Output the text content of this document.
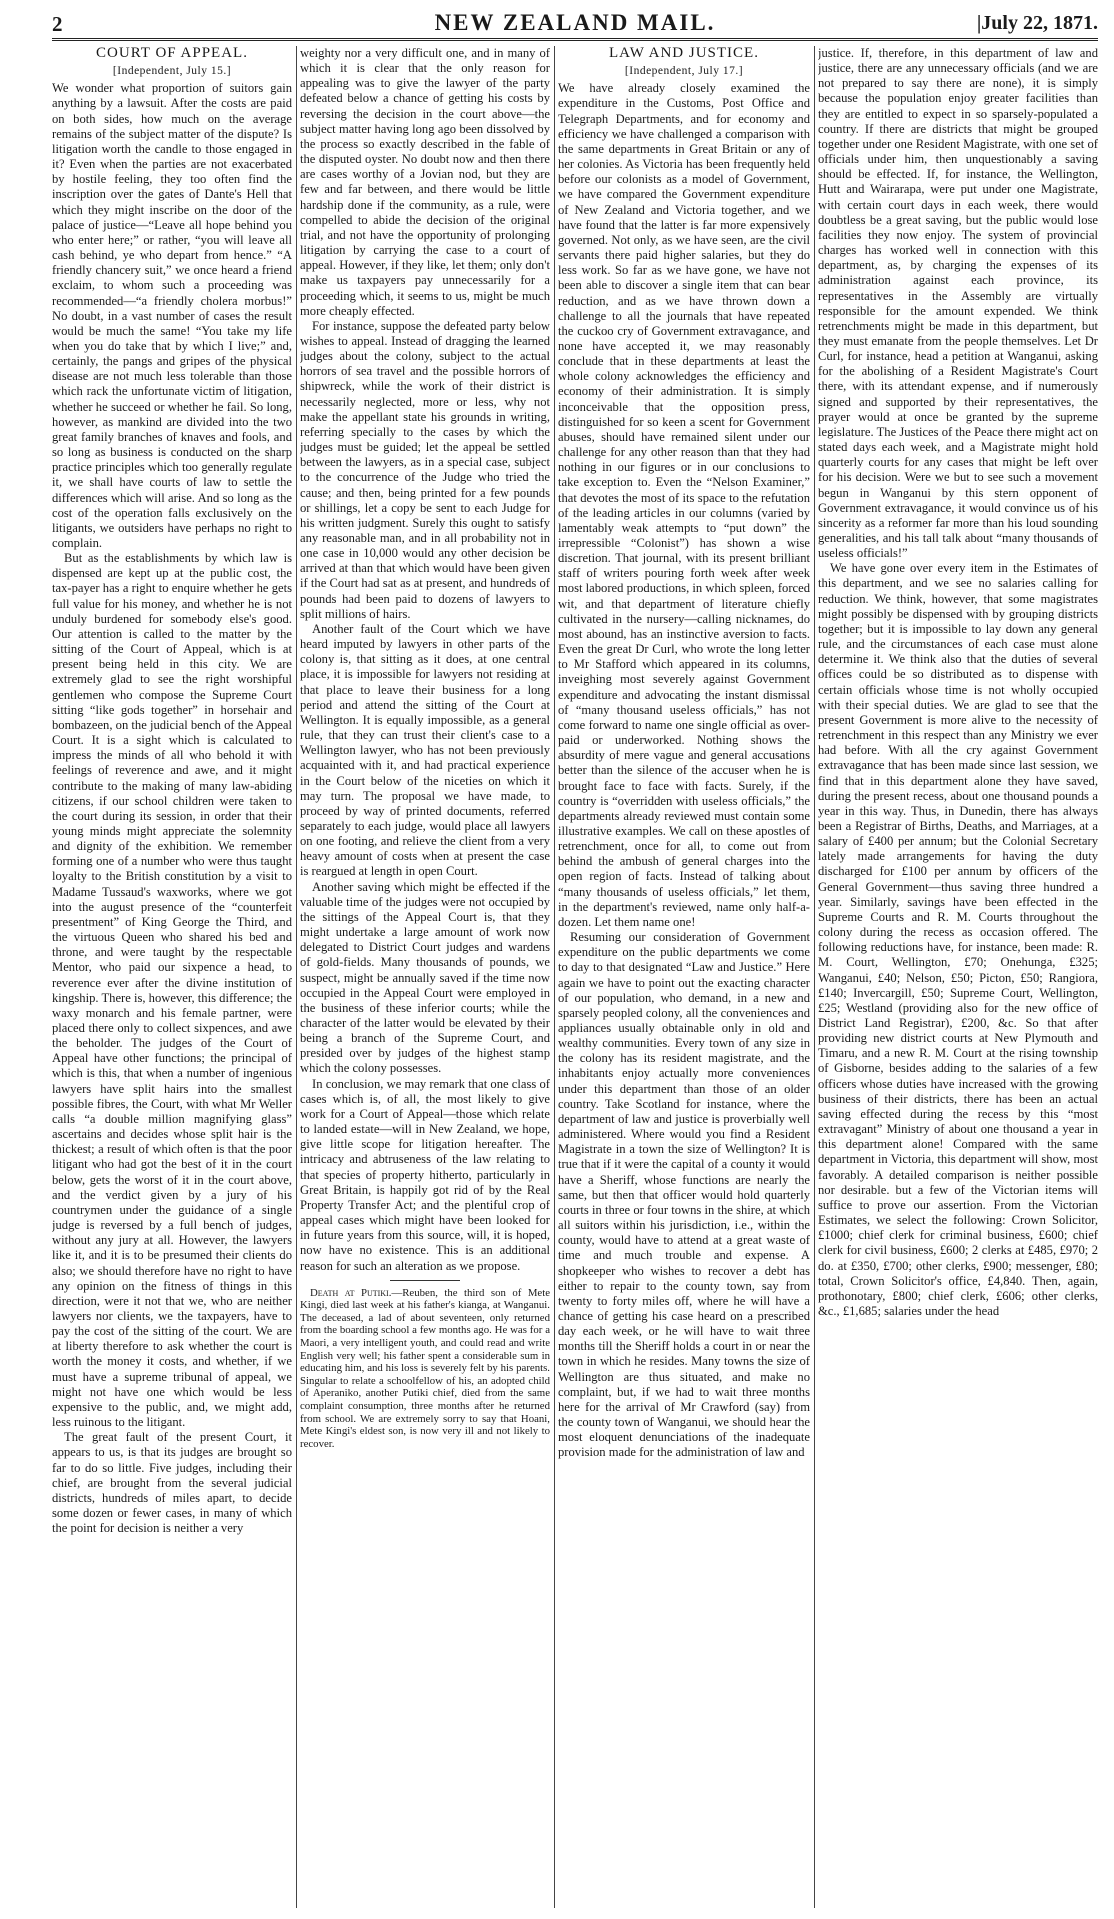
2	NEW ZEALAND MAIL.	|July 22, 1871.
COURT OF APPEAL.
[Independent, July 15.]

We wonder what proportion of suitors gain anything by a lawsuit. After the costs are paid on both sides, how much on the average remains of the subject matter of the dispute? Is litigation worth the candle to those engaged in it? Even when the parties are not exacerbated by hostile feeling, they too often find the inscription over the gates of Dante's Hell that which they might inscribe on the door of the palace of justice—“Leave all hope behind you who enter here;” or rather, “you will leave all cash behind, ye who depart from hence.” “A friendly chancery suit,” we once heard a friend exclaim, to whom such a proceeding was recommended—“a friendly cholera morbus!” No doubt, in a vast number of cases the result would be much the same! “You take my life when you do take that by which I live;” and, certainly, the pangs and gripes of the physical disease are not much less tolerable than those which rack the unfortunate victim of litigation, whether he succeed or whether he fail. So long, however, as mankind are divided into the two great family branches of knaves and fools, and so long as business is conducted on the sharp practice principles which too generally regulate it, we shall have courts of law to settle the differences which will arise. And so long as the cost of the operation falls exclusively on the litigants, we outsiders have perhaps no right to complain.

But as the establishments by which law is dispensed are kept up at the public cost, the tax-payer has a right to enquire whether he gets full value for his money, and whether he is not unduly burdened for somebody else's good. Our attention is called to the matter by the sitting of the Court of Appeal, which is at present being held in this city. We are extremely glad to see the right worshipful gentlemen who compose the Supreme Court sitting “like gods together” in horsehair and bombazeen, on the judicial bench of the Appeal Court. It is a sight which is calculated to impress the minds of all who behold it with feelings of reverence and awe, and it might contribute to the making of many law-abiding citizens, if our school children were taken to the court during its session, in order that their young minds might appreciate the solemnity and dignity of the exhibition. We remember forming one of a number who were thus taught loyalty to the British constitution by a visit to Madame Tussaud's waxworks, where we got into the august presence of the “counterfeit presentment” of King George the Third, and the virtuous Queen who shared his bed and throne, and were taught by the respectable Mentor, who paid our sixpence a head, to reverence ever after the divine institution of kingship. There is, however, this difference; the waxy monarch and his female partner, were placed there only to collect sixpences, and awe the beholder. The judges of the Court of Appeal have other functions; the principal of which is this, that when a number of ingenious lawyers have split hairs into the smallest possible fibres, the Court, with what Mr Weller calls “a double million magnifying glass” ascertains and decides whose split hair is the thickest; a result of which often is that the poor litigant who had got the best of it in the court below, gets the worst of it in the court above, and the verdict given by a jury of his countrymen under the guidance of a single judge is reversed by a full bench of judges, without any jury at all. However, the lawyers like it, and it is to be presumed their clients do also; we should therefore have no right to have any opinion on the fitness of things in this direction, were it not that we, who are neither lawyers nor clients, we the taxpayers, have to pay the cost of the sitting of the court. We are at liberty therefore to ask whether the court is worth the money it costs, and whether, if we must have a supreme tribunal of appeal, we might not have one which would be less expensive to the public, and, we might add, less ruinous to the litigant.

The great fault of the present Court, it appears to us, is that its judges are brought so far to do so little. Five judges, including their chief, are brought from the several judicial districts, hundreds of miles apart, to decide some dozen or fewer cases, in many of which the point for decision is neither a very

weighty nor a very difficult one, and in many of which it is clear that the only reason for appealing was to give the lawyer of the party defeated below a chance of getting his costs by reversing the decision in the court above—the subject matter having long ago been dissolved by the process so exactly described in the fable of the disputed oyster. No doubt now and then there are cases worthy of a Jovian nod, but they are few and far between, and there would be little hardship done if the community, as a rule, were compelled to abide the decision of the original trial, and not have the opportunity of prolonging litigation by carrying the case to a court of appeal. However, if they like, let them; only don't make us taxpayers pay unnecessarily for a proceeding which, it seems to us, might be much more cheaply effected.

For instance, suppose the defeated party below wishes to appeal. Instead of dragging the learned judges about the colony, subject to the actual horrors of sea travel and the possible horrors of shipwreck, while the work of their district is necessarily neglected, more or less, why not make the appellant state his grounds in writing, referring specially to the cases by which the judges must be guided; let the appeal be settled between the lawyers, as in a special case, subject to the concurrence of the Judge who tried the cause; and then, being printed for a few pounds or shillings, let a copy be sent to each Judge for his written judgment. Surely this ought to satisfy any reasonable man, and in all probability not in one case in 10,000 would any other decision be arrived at than that which would have been given if the Court had sat as at present, and hundreds of pounds had been paid to dozens of lawyers to split millions of hairs.

Another fault of the Court which we have heard imputed by lawyers in other parts of the colony is, that sitting as it does, at one central place, it is impossible for lawyers not residing at that place to leave their business for a long period and attend the sitting of the Court at Wellington. It is equally impossible, as a general rule, that they can trust their client's case to a Wellington lawyer, who has not been previously acquainted with it, and had practical experience in the Court below of the niceties on which it may turn. The proposal we have made, to proceed by way of printed documents, referred separately to each judge, would place all lawyers on one footing, and relieve the client from a very heavy amount of costs when at present the case is reargued at length in open Court.

Another saving which might be effected if the valuable time of the judges were not occupied by the sittings of the Appeal Court is, that they might undertake a large amount of work now delegated to District Court judges and wardens of gold-fields. Many thousands of pounds, we suspect, might be annually saved if the time now occupied in the Appeal Court were employed in the business of these inferior courts; while the character of the latter would be elevated by their being a branch of the Supreme Court, and presided over by judges of the highest stamp which the colony possesses.

In conclusion, we may remark that one class of cases which is, of all, the most likely to give work for a Court of Appeal—those which relate to landed estate—will in New Zealand, we hope, give little scope for litigation hereafter. The intricacy and abtruseness of the law relating to that species of property hitherto, particularly in Great Britain, is happily got rid of by the Real Property Transfer Act; and the plentiful crop of appeal cases which might have been looked for in future years from this source, will, it is hoped, now have no existence. This is an additional reason for such an alteration as we propose.

Death at Putiki.—Reuben, the third son of Mete Kingi, died last week at his father's kianga, at Wanganui. The deceased, a lad of about seventeen, only returned from the boarding school a few months ago. He was for a Maori, a very intelligent youth, and could read and write English very well; his father spent a considerable sum in educating him, and his loss is severely felt by his parents. Singular to relate a schoolfellow of his, an adopted child of Aperaniko, another Putiki chief, died from the same complaint consumption, three months after he returned from school. We are extremely sorry to say that Hoani, Mete Kingi's eldest son, is now very ill and not likely to recover.

LAW AND JUSTICE.
[Independent, July 17.]

We have already closely examined the expenditure in the Customs, Post Office and Telegraph Departments, and for economy and efficiency we have challenged a comparison with the same departments in Great Britain or any of her colonies. As Victoria has been frequently held before our colonists as a model of Government, we have compared the Government expenditure of New Zealand and Victoria together, and we have found that the latter is far more expensively governed. Not only, as we have seen, are the civil servants there paid higher salaries, but they do less work. So far as we have gone, we have not been able to discover a single item that can bear reduction, and as we have thrown down a challenge to all the journals that have repeated the cuckoo cry of Government extravagance, and none have accepted it, we may reasonably conclude that in these departments at least the whole colony acknowledges the efficiency and economy of their administration. It is simply inconceivable that the opposition press, distinguished for so keen a scent for Government abuses, should have remained silent under our challenge for any other reason than that they had nothing in our figures or in our conclusions to take exception to. Even the “Nelson Examiner,” that devotes the most of its space to the refutation of the leading articles in our columns (varied by lamentably weak attempts to “put down” the irrepressible “Colonist”) has shown a wise discretion. That journal, with its present brilliant staff of writers pouring forth week after week most labored productions, in which spleen, forced wit, and that department of literature chiefly cultivated in the nursery—calling nicknames, do most abound, has an instinctive aversion to facts. Even the great Dr Curl, who wrote the long letter to Mr Stafford which appeared in its columns, inveighing most severely against Government expenditure and advocating the instant dismissal of “many thousand useless officials,” has not come forward to name one single official as over-paid or underworked. Nothing shows the absurdity of mere vague and general accusations better than the silence of the accuser when he is brought face to face with facts. Surely, if the country is “overridden with useless officials,” the departments already reviewed must contain some illustrative examples. We call on these apostles of retrenchment, once for all, to come out from behind the ambush of general charges into the open region of facts. Instead of talking about “many thousands of useless officials,” let them, in the department's reviewed, name only half-a-dozen. Let them name one!

Resuming our consideration of Government expenditure on the public departments we come to day to that designated “Law and Justice.” Here again we have to point out the exacting character of our population, who demand, in a new and sparsely peopled colony, all the conveniences and appliances usually obtainable only in old and wealthy communities. Every town of any size in the colony has its resident magistrate, and the inhabitants enjoy actually more conveniences under this department than those of an older country. Take Scotland for instance, where the department of law and justice is proverbially well administered. Where would you find a Resident Magistrate in a town the size of Wellington? It is true that if it were the capital of a county it would have a Sheriff, whose functions are nearly the same, but then that officer would hold quarterly courts in three or four towns in the shire, at which all suitors within his jurisdiction, i.e., within the county, would have to attend at a great waste of time and much trouble and expense. A shopkeeper who wishes to recover a debt has either to repair to the county town, say from twenty to forty miles off, where he will have a chance of getting his case heard on a prescribed day each week, or he will have to wait three months till the Sheriff holds a court in or near the town in which he resides. Many towns the size of Wellington are thus situated, and make no complaint, but, if we had to wait three months here for the arrival of Mr Crawford (say) from the county town of Wanganui, we should hear the most eloquent denunciations of the inadequate provision made for the administration of law and

justice. If, therefore, in this department of law and justice, there are any unnecessary officials (and we are not prepared to say there are none), it is simply because the population enjoy greater facilities than they are entitled to expect in so sparsely-populated a country. If there are districts that might be grouped together under one Resident Magistrate, with one set of officials under him, then unquestionably a saving should be effected. If, for instance, the Wellington, Hutt and Wairarapa, were put under one Magistrate, with certain court days in each week, there would doubtless be a great saving, but the public would lose facilities they now enjoy. The system of provincial charges has worked well in connection with this department, as, by charging the expenses of its administration against each province, its representatives in the Assembly are virtually responsible for the amount expended. We think retrenchments might be made in this department, but they must emanate from the people themselves. Let Dr Curl, for instance, head a petition at Wanganui, asking for the abolishing of a Resident Magistrate's Court there, with its attendant expense, and if numerously signed and supported by their representatives, the prayer would at once be granted by the supreme legislature. The Justices of the Peace there might act on stated days each week, and a Magistrate might hold quarterly courts for any cases that might be left over for his decision. Were we but to see such a movement begun in Wanganui by this stern opponent of Government extravagance, it would convince us of his sincerity as a reformer far more than his loud sounding generalities, and his tall talk about “many thousands of useless officials!”

We have gone over every item in the Estimates of this department, and we see no salaries calling for reduction. We think, however, that some magistrates might possibly be dispensed with by grouping districts together; but it is impossible to lay down any general rule, and the circumstances of each case must alone determine it. We think also that the duties of several offices could be so distributed as to dispense with certain officials whose time is not wholly occupied with their special duties. We are glad to see that the present Government is more alive to the necessity of retrenchment in this respect than any Ministry we ever had before. With all the cry against Government extravagance that has been made since last session, we find that in this department alone they have saved, during the present recess, about one thousand pounds a year in this way. Thus, in Dunedin, there has always been a Registrar of Births, Deaths, and Marriages, at a salary of £400 per annum; but the Colonial Secretary lately made arrangements for having the duty discharged for £100 per annum by officers of the General Government—thus saving three hundred a year. Similarly, savings have been effected in the Supreme Courts and R. M. Courts throughout the colony during the recess as occasion offered. The following reductions have, for instance, been made: R. M. Court, Wellington, £70; Onehunga, £325; Wanganui, £40; Nelson, £50; Picton, £50; Rangiora, £140; Invercargill, £50; Supreme Court, Wellington, £25; Westland (providing also for the new office of District Land Registrar), £200, &c. So that after providing new district courts at New Plymouth and Timaru, and a new R. M. Court at the rising township of Gisborne, besides adding to the salaries of a few officers whose duties have increased with the growing business of their districts, there has been an actual saving effected during the recess by this “most extravagant” Ministry of about one thousand a year in this department alone! Compared with the same department in Victoria, this department will show, most favorably. A detailed comparison is neither possible nor desirable. but a few of the Victorian items will suffice to prove our assertion. From the Victorian Estimates, we select the following: Crown Solicitor, £1000; chief clerk for criminal business, £600; chief clerk for civil business, £600; 2 clerks at £485, £970; 2 do. at £350, £700; other clerks, £900; messenger, £80; total, Crown Solicitor's office, £4,840. Then, again, prothonotary, £800; chief clerk, £606; other clerks, &c., £1,685; salaries under the head
